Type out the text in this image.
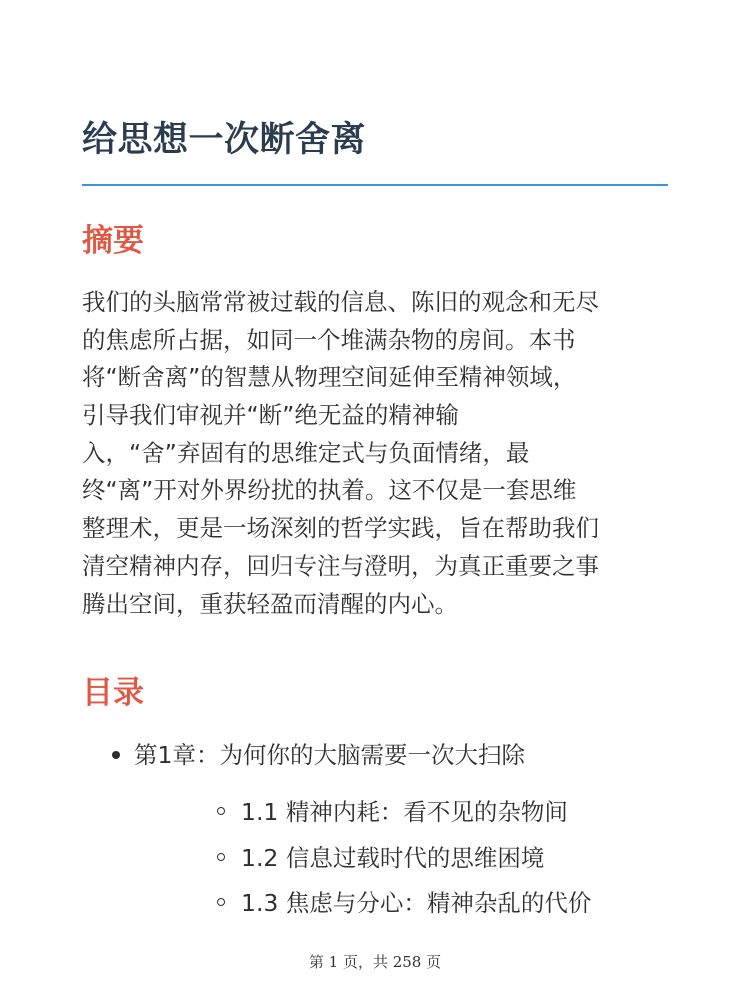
给思想一次断舍离
摘要

我们的头脑常常被过载的信息、陈旧的观念和无尽
的焦虑所占据，如同一个堆满杂物的房间。本书
将“断舍离”的智慧从物理空间延伸至精神领域，
引导我们审视并“断”绝无益的精神输
入，“舍”弃固有的思维定式与负面情绪，最
终“离”开对外界纷扰的执着。这不仅是一套思维
整理术，更是一场深刻的哲学实践，旨在帮助我们
清空精神内存，回归专注与澄明，为真正重要之事
腾出空间，重获轻盈而清醒的内心。

目录
第1章：为何你的大脑需要一次大扫除
1.1 精神内耗：看不见的杂物间
1.2 信息过载时代的思维困境
1.3 焦虑与分心：精神杂乱的代价
第 1 页，共 258 页
